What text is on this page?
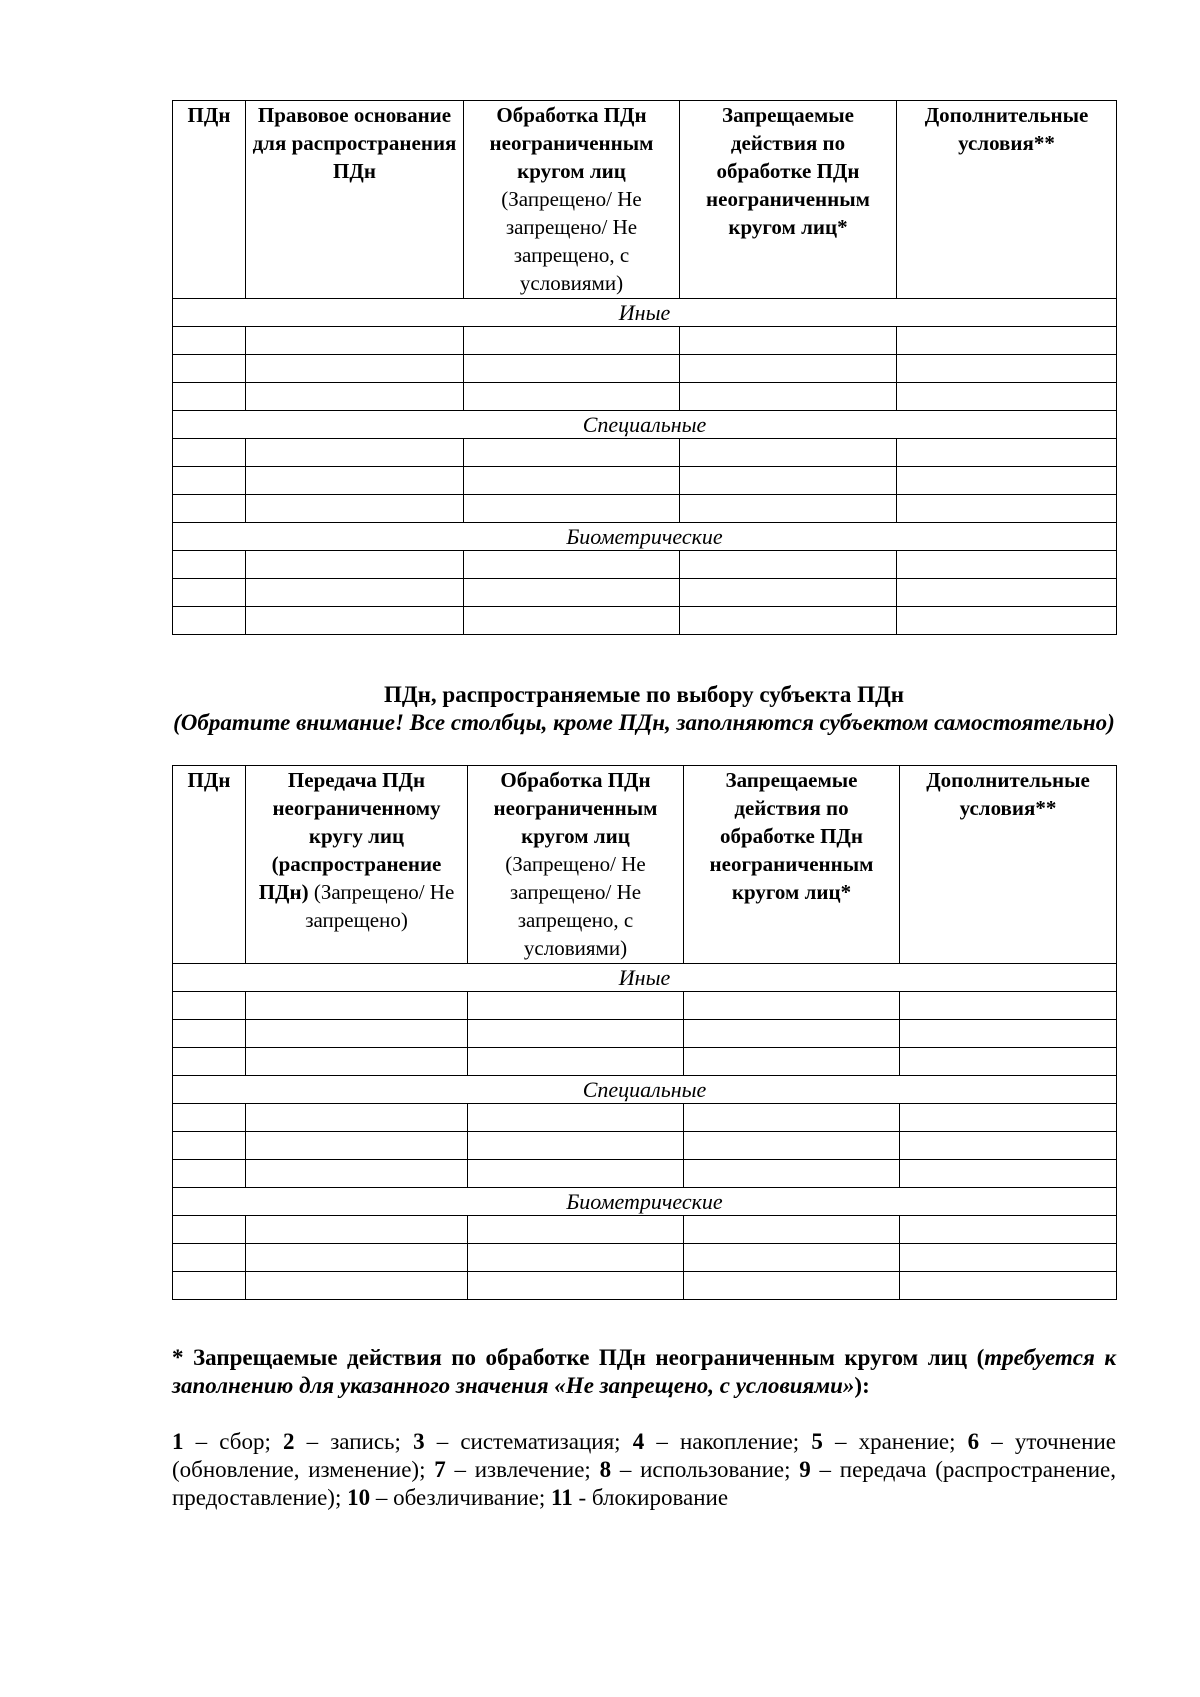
ПДн	Правовое основание для распространения ПДн	Обработка ПДн неограниченным кругом лиц (Запрещено/ Не запрещено/ Не запрещено, с условиями)	Запрещаемые действия по обработке ПДн неограниченным кругом лиц*	Дополнительные условия**
Иные				

Специальные				

Биометрические				

ПДн, распространяемые по выбору субъекта ПДн
(Обратите внимание! Все столбцы, кроме ПДн, заполняются субъектом самостоятельно)
ПДн	Передача ПДн неограниченному кругу лиц (распространение ПДн) (Запрещено/ Не запрещено)	Обработка ПДн неограниченным кругом лиц (Запрещено/ Не запрещено/ Не запрещено, с условиями)	Запрещаемые действия по обработке ПДн неограниченным кругом лиц*	Дополнительные условия**
Иные				

Специальные				

Биометрические				

* Запрещаемые действия по обработке ПДн неограниченным кругом лиц (требуется к заполнению для указанного значения «Не запрещено, с условиями»):
1 – сбор; 2 – запись; 3 – систематизация; 4 – накопление; 5 – хранение; 6 – уточнение (обновление, изменение); 7 – извлечение; 8 – использование; 9 – передача (распространение, предоставление); 10 – обезличивание; 11 - блокирование
